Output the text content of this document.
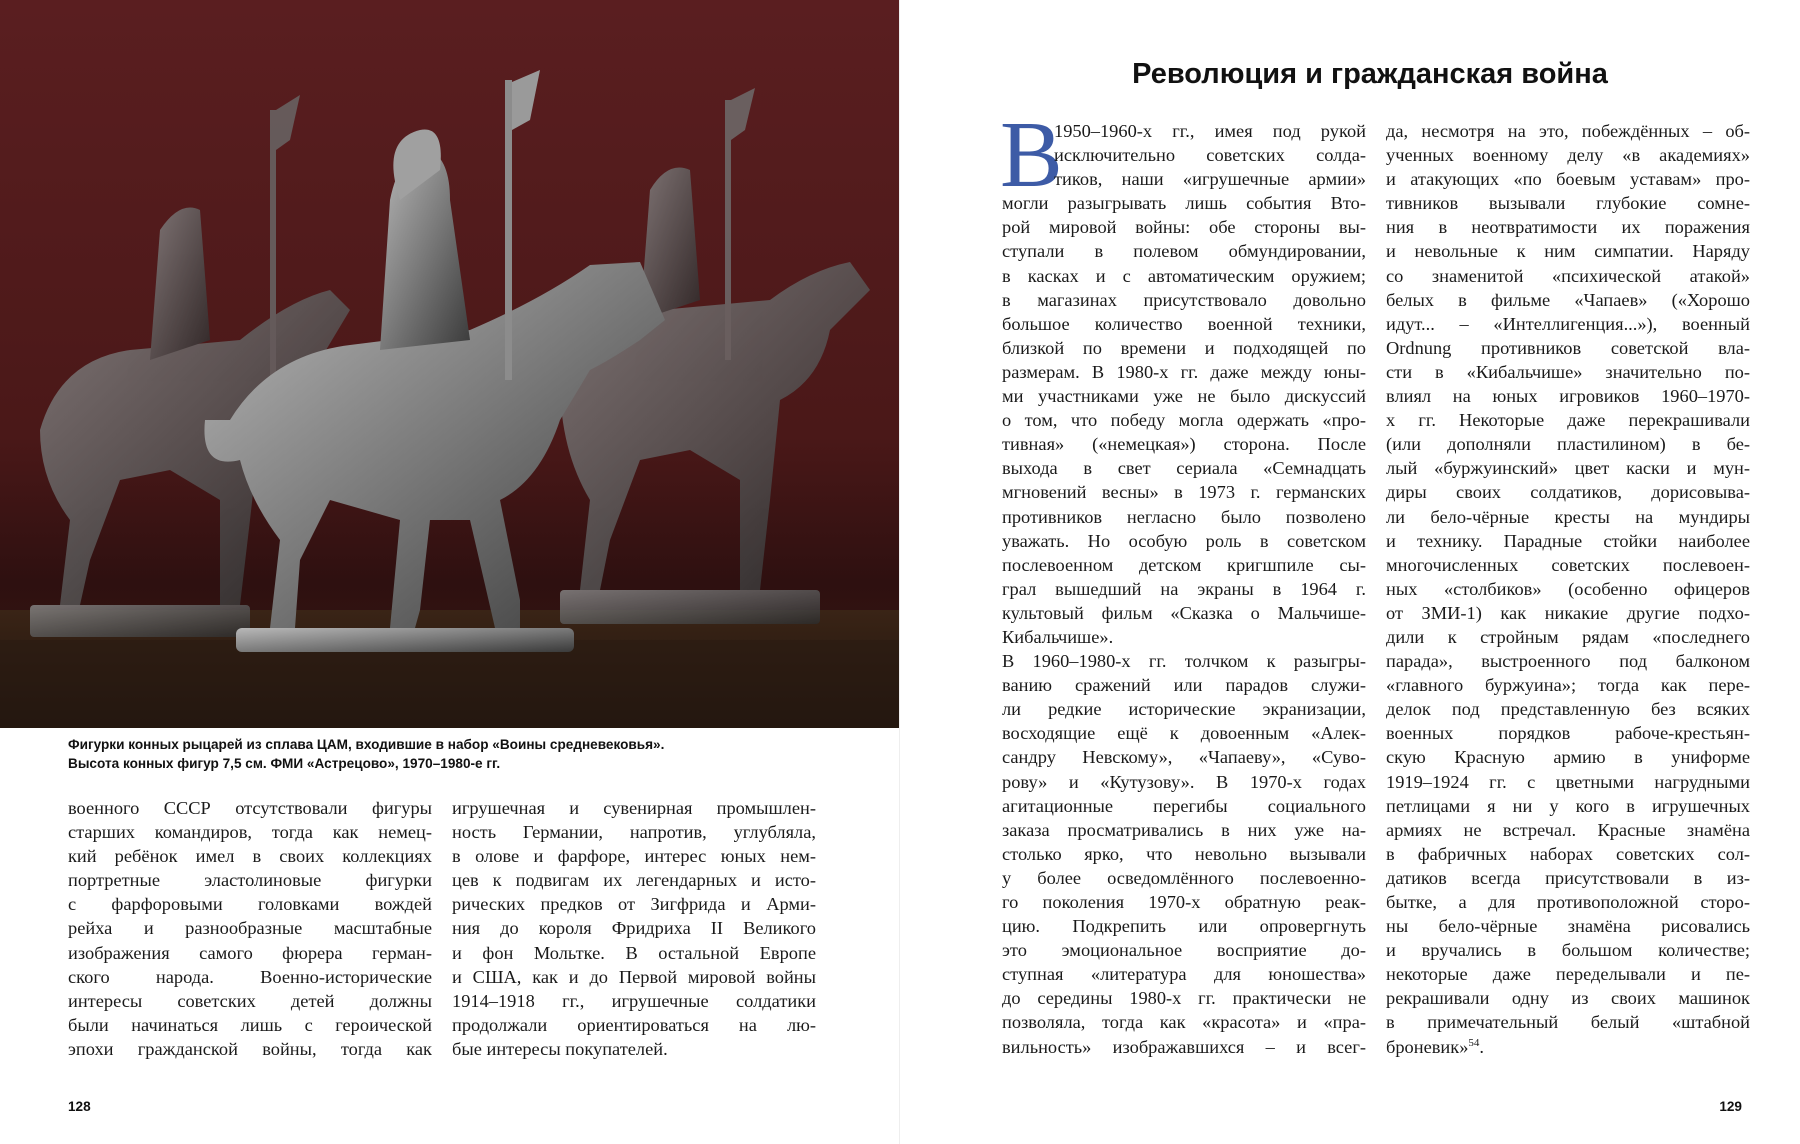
Фигурки конных рыцарей из сплава ЦАМ, входившие в набор «Воины средневековья».
Высота конных фигур 7,5 см. ФМИ «Астрецово», 1970–1980-е гг.
военного СССР отсутствовали фигуры
старших командиров, тогда как немец-
кий ребёнок имел в своих коллекциях
портретные эластолиновые фигурки
с фарфоровыми головками вождей
рейха и разнообразные масштабные
изображения самого фюрера герман-
ского народа. Военно-исторические
интересы советских детей должны
были начинаться лишь с героической
эпохи гражданской войны, тогда как
игрушечная и сувенирная промышлен-
ность Германии, напротив, углубляла,
в олове и фарфоре, интерес юных нем-
цев к подвигам их легендарных и исто-
рических предков от Зигфрида и Арми-
ния до короля Фридриха II Великого
и фон Мольтке. В остальной Европе
и США, как и до Первой мировой войны
1914–1918 гг., игрушечные солдатики
продолжали ориентироваться на лю-
бые интересы покупателей.
128
Революция и гражданская война
В
1950–1960-х гг., имея под рукой
исключительно советских солда-
тиков, наши «игрушечные армии»
могли разыгрывать лишь события Вто-
рой мировой войны: обе стороны вы-
ступали в полевом обмундировании,
в касках и с автоматическим оружием;
в магазинах присутствовало довольно
большое количество военной техники,
близкой по времени и подходящей по
размерам. В 1980-х гг. даже между юны-
ми участниками уже не было дискуссий
о том, что победу могла одержать «про-
тивная» («немецкая») сторона. После
выхода в свет сериала «Семнадцать
мгновений весны» в 1973 г. германских
противников негласно было позволено
уважать. Но особую роль в советском
послевоенном детском кригшпиле сы-
грал вышедший на экраны в 1964 г.
культовый фильм «Сказка о Мальчише-
Кибальчише».
В 1960–1980-х гг. толчком к разыгры-
ванию сражений или парадов служи-
ли редкие исторические экранизации,
восходящие ещё к довоенным «Алек-
сандру Невскому», «Чапаеву», «Суво-
рову» и «Кутузову». В 1970-х годах
агитационные перегибы социального
заказа просматривались в них уже на-
столько ярко, что невольно вызывали
у более осведомлённого послевоенно-
го поколения 1970-х обратную реак-
цию. Подкрепить или опровергнуть
это эмоциональное восприятие до-
ступная «литература для юношества»
до середины 1980-х гг. практически не
позволяла, тогда как «красота» и «пра-
вильность» изображавшихся – и всег-
да, несмотря на это, побеждённых – об-
ученных военному делу «в академиях»
и атакующих «по боевым уставам» про-
тивников вызывали глубокие сомне-
ния в неотвратимости их поражения
и невольные к ним симпатии. Наряду
со знаменитой «психической атакой»
белых в фильме «Чапаев» («Хорошо
идут... – «Интеллигенция...»), военный
Ordnung противников советской вла-
сти в «Кибальчише» значительно по-
влиял на юных игровиков 1960–1970-
х гг. Некоторые даже перекрашивали
(или дополняли пластилином) в бе-
лый «буржуинский» цвет каски и мун-
диры своих солдатиков, дорисовыва-
ли бело-чёрные кресты на мундиры
и технику. Парадные стойки наиболее
многочисленных советских послевоен-
ных «столбиков» (особенно офицеров
от ЗМИ-1) как никакие другие подхо-
дили к стройным рядам «последнего
парада», выстроенного под балконом
«главного буржуина»; тогда как пере-
делок под представленную без всяких
военных порядков рабоче-крестьян-
скую Красную армию в униформе
1919–1924 гг. с цветными нагрудными
петлицами я ни у кого в игрушечных
армиях не встречал. Красные знамёна
в фабричных наборах советских сол-
датиков всегда присутствовали в из-
бытке, а для противоположной сторо-
ны бело-чёрные знамёна рисовались
и вручались в большом количестве;
некоторые даже переделывали и пе-
рекрашивали одну из своих машинок
в примечательный белый «штабной
броневик»$^{54}$.
129
